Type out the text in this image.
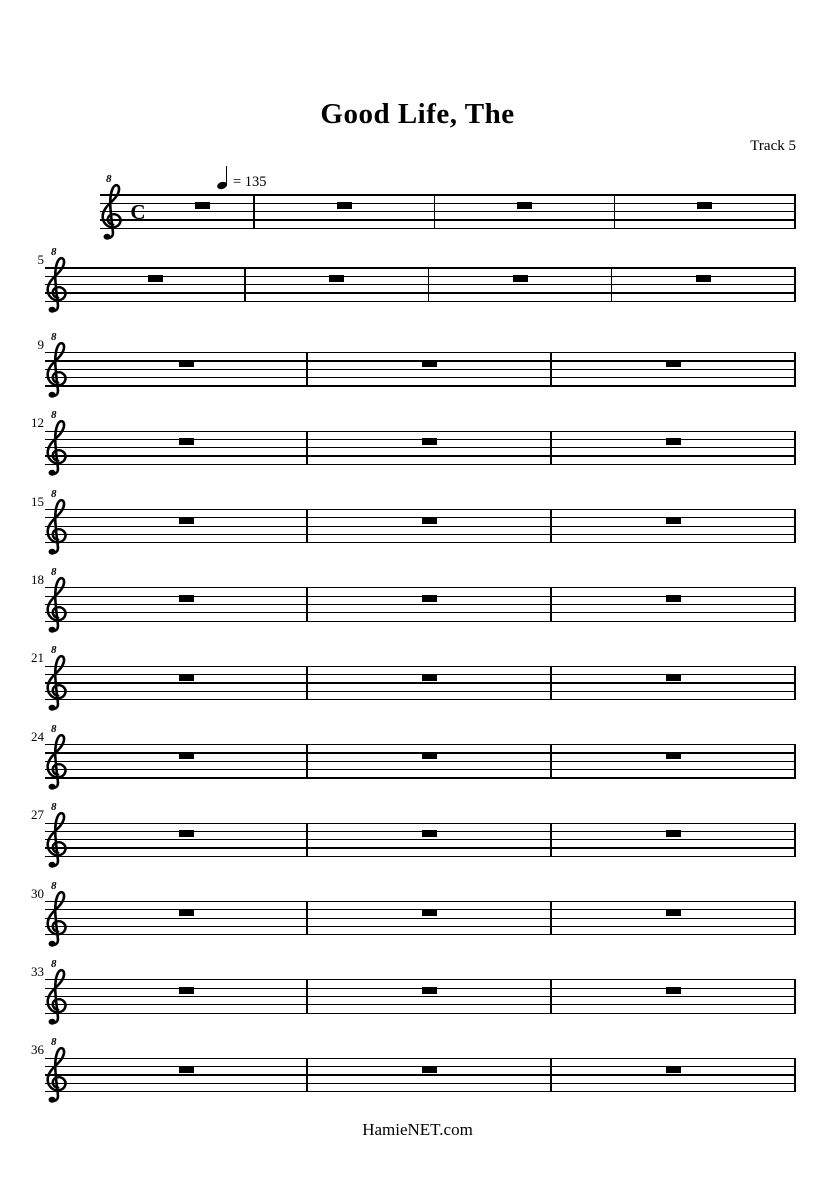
Good Life, The
Track 5
8
C
= 135
5 8
9 8
12 8
15 8
18 8
21 8
24 8
27 8
30 8
33 8
36 8
HamieNET.com
